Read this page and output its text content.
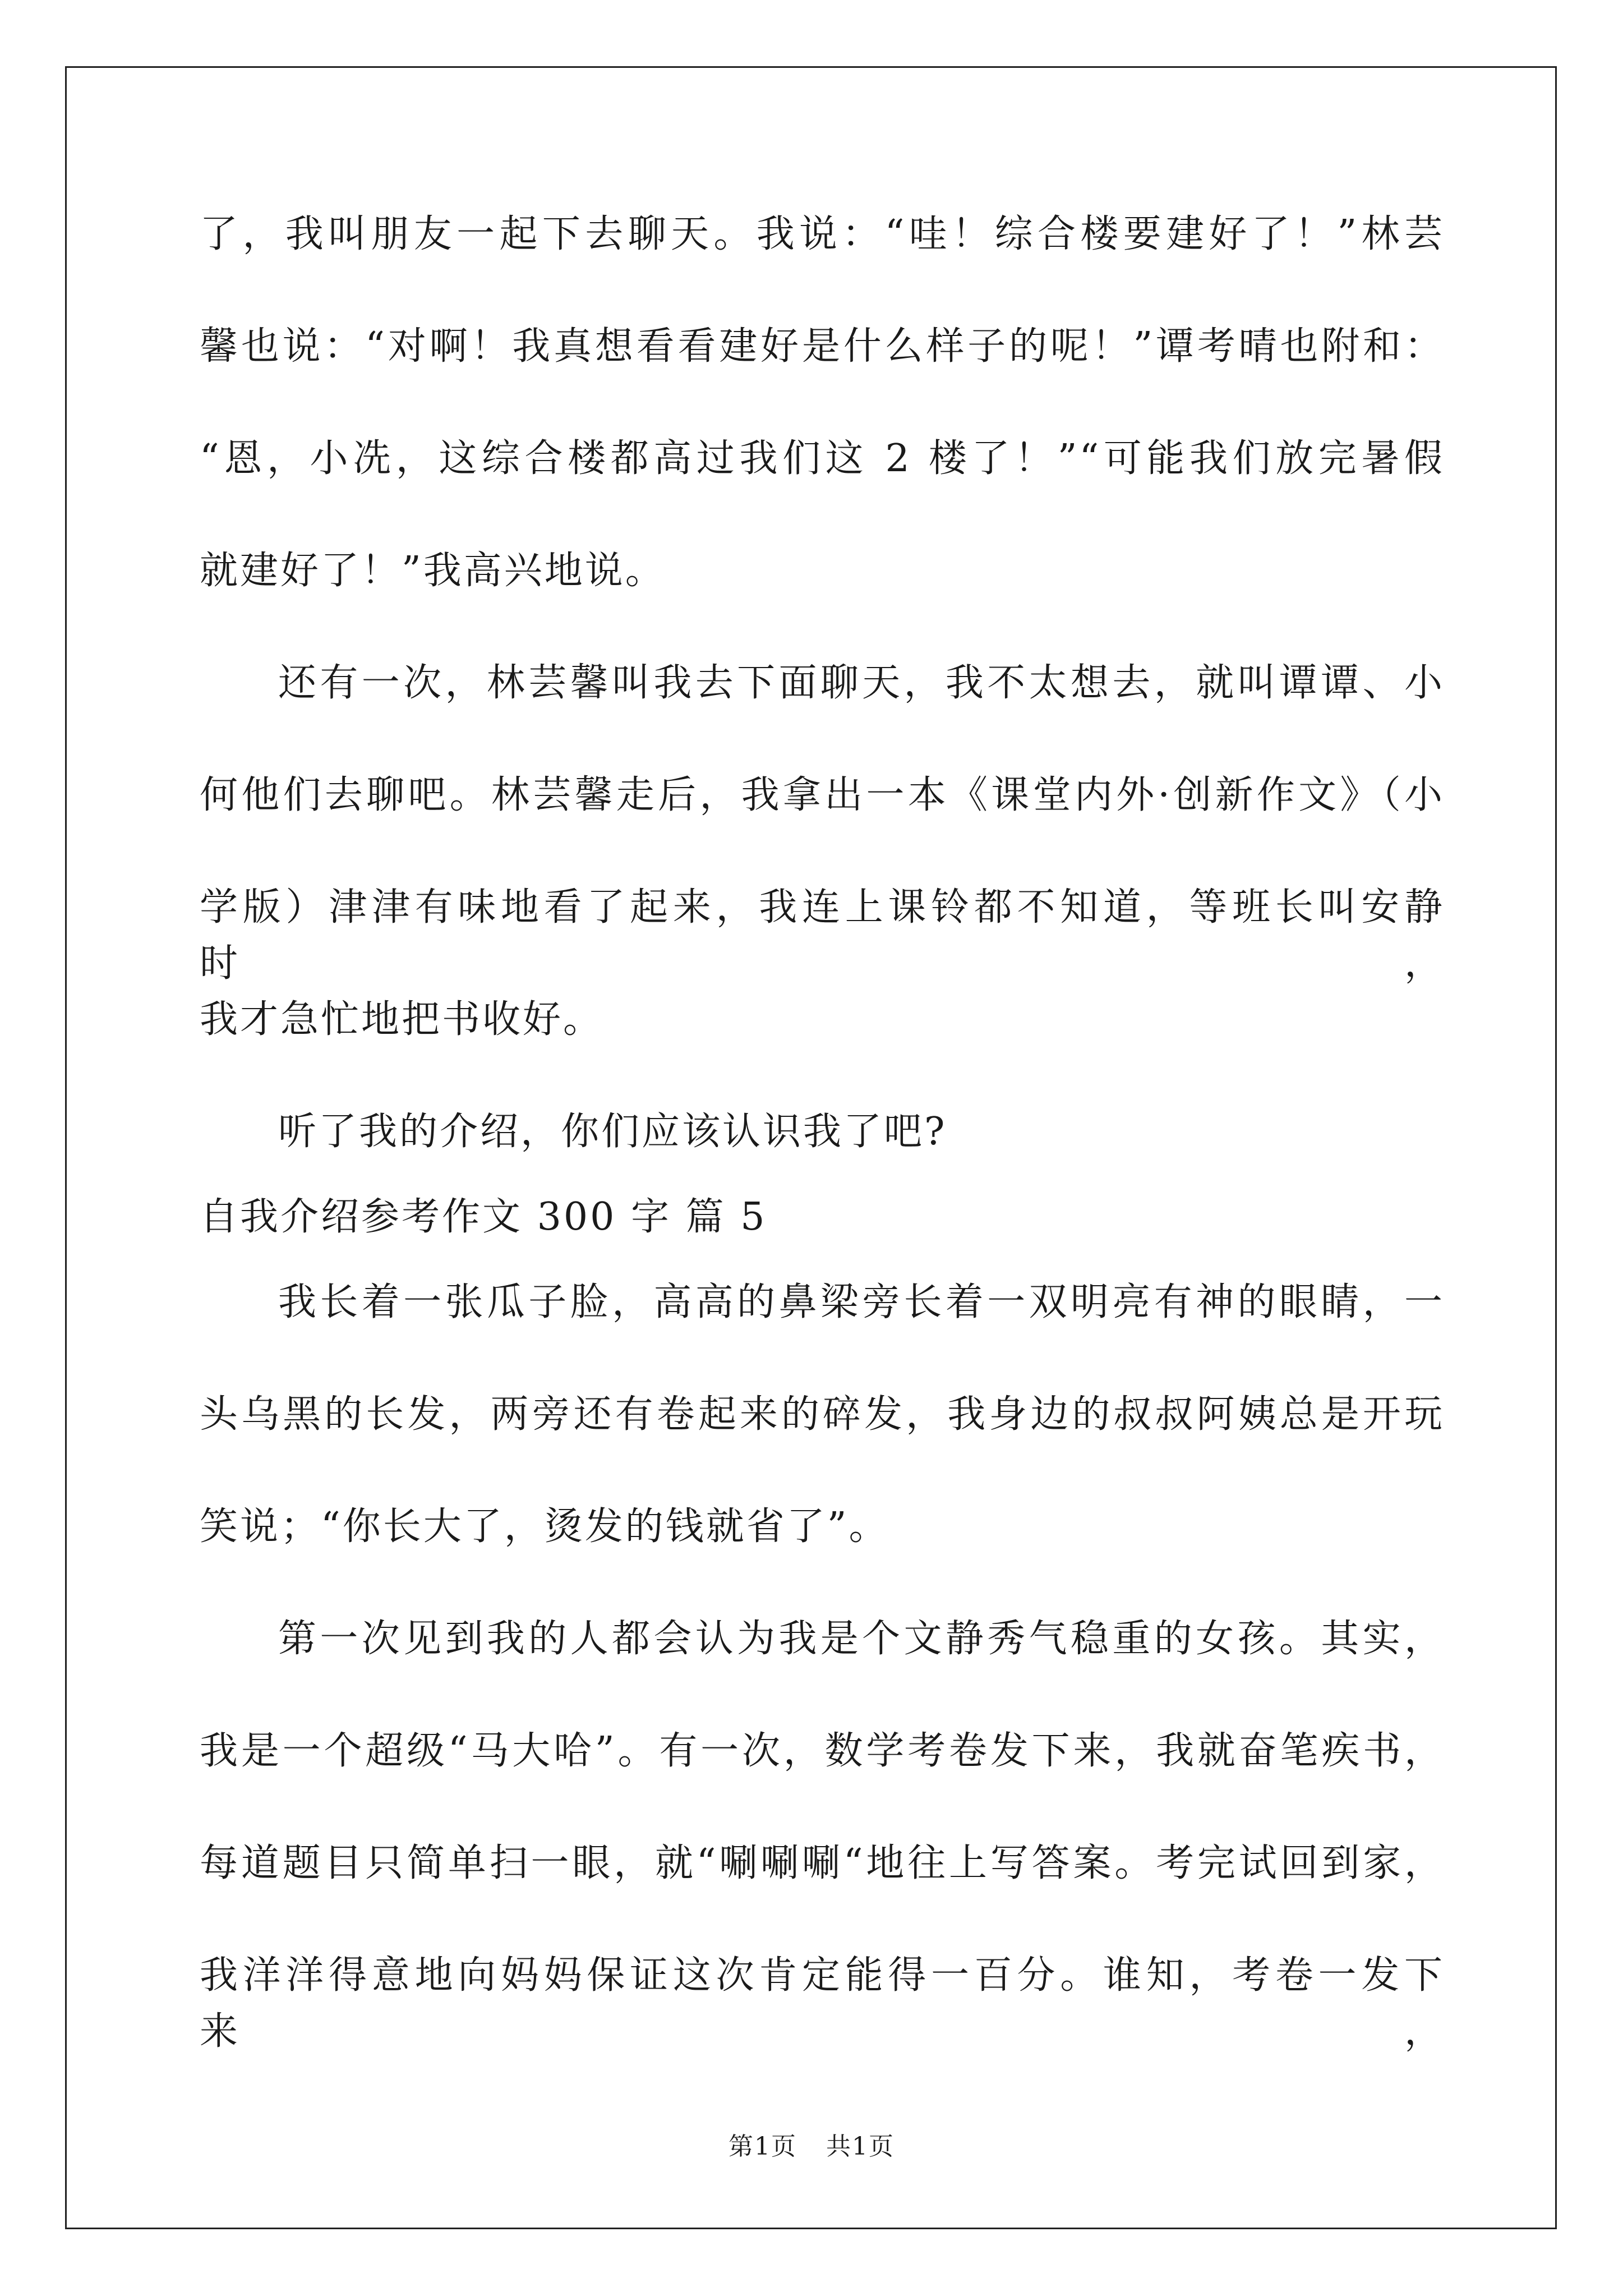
了，我叫朋友一起下去聊天。我说：“哇！综合楼要建好了！”林芸
馨也说：“对啊！我真想看看建好是什么样子的呢！”谭考晴也附和：
“恩，小冼，这综合楼都高过我们这 2 楼了！”“可能我们放完暑假
就建好了！”我高兴地说。
还有一次，林芸馨叫我去下面聊天，我不太想去，就叫谭谭、小
何他们去聊吧。林芸馨走后，我拿出一本《课堂内外·创新作文》（小
学版）津津有味地看了起来，我连上课铃都不知道，等班长叫安静时，
我才急忙地把书收好。
听了我的介绍，你们应该认识我了吧?
自我介绍参考作文 300 字 篇 5
我长着一张瓜子脸，高高的鼻梁旁长着一双明亮有神的眼睛，一
头乌黑的长发，两旁还有卷起来的碎发，我身边的叔叔阿姨总是开玩
笑说；“你长大了，烫发的钱就省了”。
第一次见到我的人都会认为我是个文静秀气稳重的女孩。其实，
我是一个超级“马大哈”。有一次，数学考卷发下来，我就奋笔疾书，
每道题目只简单扫一眼，就“唰唰唰“地往上写答案。考完试回到家，
我洋洋得意地向妈妈保证这次肯定能得一百分。谁知，考卷一发下来，
第1页 共1页
